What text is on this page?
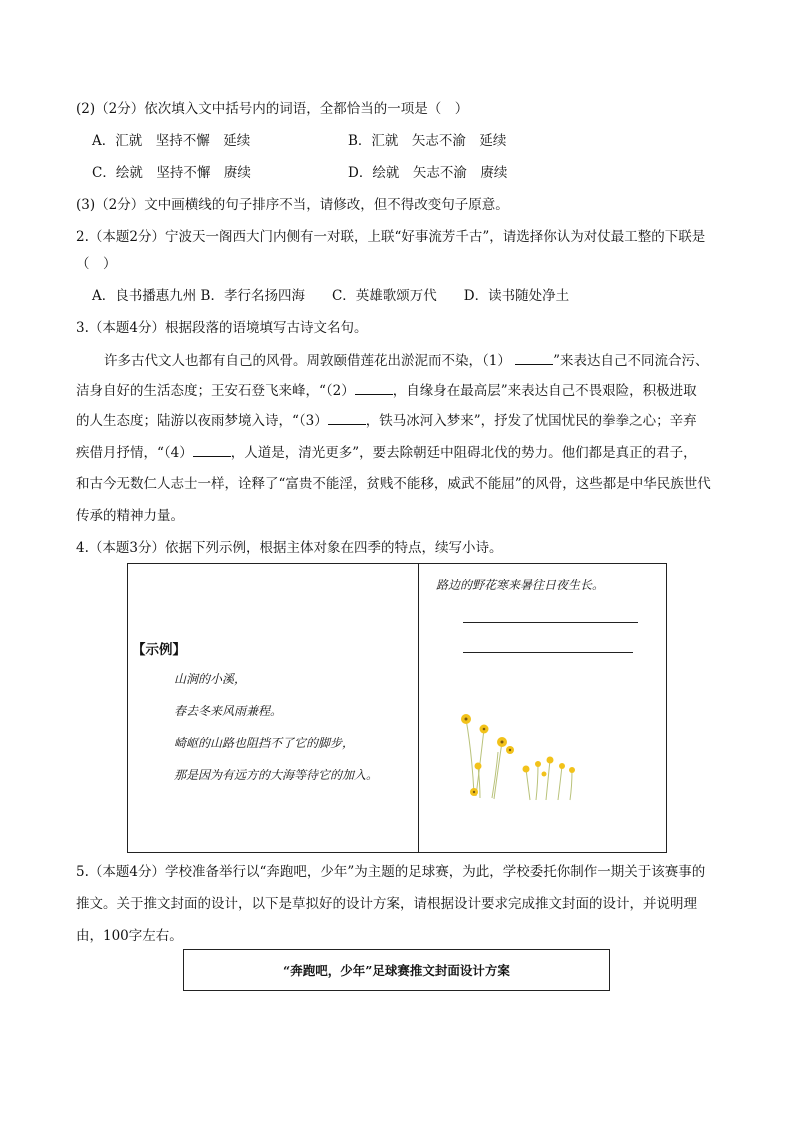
(2)（2分）依次填入文中括号内的词语，全都恰当的一项是（　）
A．汇就　坚持不懈　延续	B．汇就　矢志不渝　延续
C．绘就　坚持不懈　赓续	D．绘就　矢志不渝　赓续
(3)（2分）文中画横线的句子排序不当，请修改，但不得改变句子原意。
2.（本题2分）宁波天一阁西大门内侧有一对联，上联“好事流芳千古”，请选择你认为对仗最工整的下联是
（　）
A．良书播惠九州 B．孝行名扬四海　　C．英雄歌颂万代　　D．读书随处净土
3.（本题4分）根据段落的语境填写古诗文名句。
许多古代文人也都有自己的风骨。周敦颐借莲花出淤泥而不染，（1）	”来表达自己不同流合污、
洁身自好的生活态度；王安石登飞来峰，“（2）	，自缘身在最高层”来表达自己不畏艰险，积极进取
的人生态度；陆游以夜雨梦境入诗，“（3）	，铁马冰河入梦来”，抒发了忧国忧民的拳拳之心；辛弃
疾借月抒情，“（4）	，人道是，清光更多”，要去除朝廷中阻碍北伐的势力。他们都是真正的君子，
和古今无数仁人志士一样，诠释了“富贵不能淫，贫贱不能移，威武不能屈”的风骨，这些都是中华民族世代
传承的精神力量。
4.（本题3分）依据下列示例，根据主体对象在四季的特点，续写小诗。
【示例】
山涧的小溪，
春去冬来风雨兼程。
崎岖的山路也阻挡不了它的脚步，
那是因为有远方的大海等待它的加入。
路边的野花寒来暑往日夜生长。
5.（本题4分）学校准备举行以“奔跑吧，少年”为主题的足球赛，为此，学校委托你制作一期关于该赛事的
推文。关于推文封面的设计，以下是草拟好的设计方案，请根据设计要求完成推文封面的设计，并说明理
由，100字左右。
“奔跑吧，少年”足球赛推文封面设计方案
